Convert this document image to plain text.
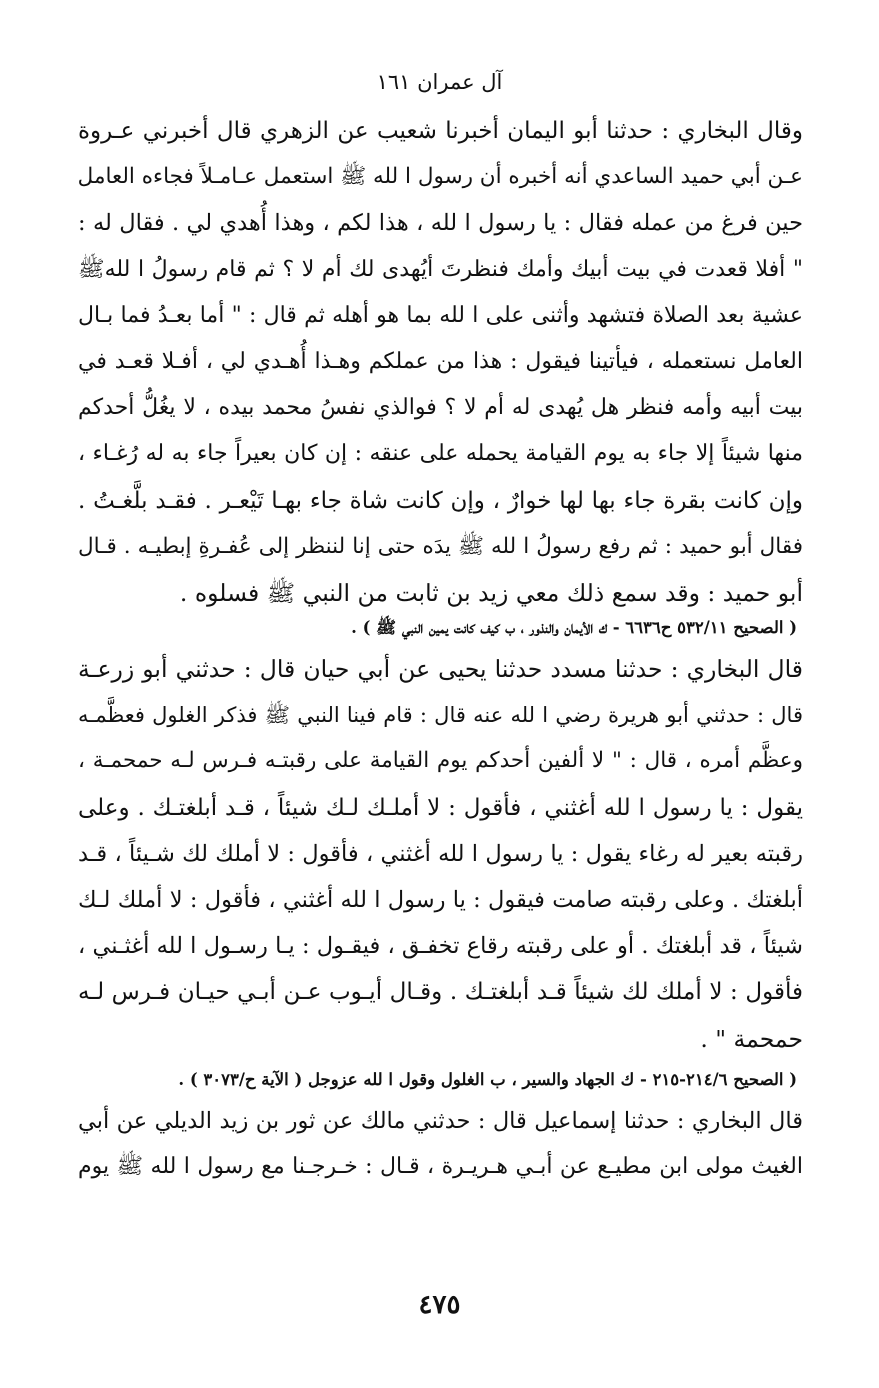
آل عمران ١٦١
وقال البخاري : حدثنا أبو اليمان أخبرنا شعيب عن الزهري قال أخبرني عـروة
عـن أبي حميد الساعدي أنه أخبره أن رسول ا لله ﷺ استعمل عـامـلاً فجاءه العامل
حين فرغ من عمله فقال : يا رسول ا لله ، هذا لكم ، وهذا أُهدي لي . فقال له :
" أفلا قعدت في بيت أبيك وأمك فنظرتَ أيُهدى لك أم لا ؟ ثم قام رسولُ ا للهﷺ
عشية بعد الصلاة فتشهد وأثنى على ا لله بما هو أهله ثم قال : " أما بعـدُ فما بـال
العامل نستعمله ، فيأتينا فيقول : هذا من عملكم وهـذا أُهـدي لي ، أفـلا قعـد في
بيت أبيه وأمه فنظر هل يُهدى له أم لا ؟ فوالذي نفسُ محمد بيده ، لا يغُلُّ أحدكم
منها شيئاً إلا جاء به يوم القيامة يحمله على عنقه : إن كان بعيراً جاء به له رُغـاء ،
وإن كانت بقرة جاء بها لها خوارٌ ، وإن كانت شاة جاء بهـا تَيْعـر . فقـد بلَّغـتُ .
فقال أبو حميد : ثم رفع رسولُ ا لله ﷺ يدَه حتى إنا لننظر إلى عُفـرةِ إبطيـه . قـال
أبو حميد : وقد سمع ذلك معي زيد بن ثابت من النبي ﷺ فسلوه .
( الصحيح ٥٣٢/١١ ح٦٦٣٦ - ك الأيمان والنذور ، ب كيف كانت يمين النبي ﷺ ) .
قال البخاري : حدثنا مسدد حدثنا يحيى عن أبي حيان قال : حدثني أبو زرعـة
قال : حدثني أبو هريرة رضي ا لله عنه قال : قام فينا النبي ﷺ فذكر الغلول فعظَّمـه
وعظَّم أمره ، قال : " لا ألفين أحدكم يوم القيامة على رقبتـه فـرس لـه حمحمـة ،
يقول : يا رسول ا لله أغثني ، فأقول : لا أملـك لـك شيئاً ، قـد أبلغتـك . وعلى
رقبته بعير له رغاء يقول : يا رسول ا لله أغثني ، فأقول : لا أملك لك شـيئاً ، قـد
أبلغتك . وعلى رقبته صامت فيقول : يا رسول ا لله أغثني ، فأقول : لا أملك لـك
شيئاً ، قد أبلغتك . أو على رقبته رقاع تخفـق ، فيقـول : يـا رسـول ا لله أغثـني ،
فأقول : لا أملك لك شيئاً قـد أبلغتـك . وقـال أيـوب عـن أبـي حيـان فـرس لـه
حمحمة " .
( الصحيح ٢١٤/٦-٢١٥ - ك الجهاد والسير ، ب الغلول وقول ا لله عزوجل ( الآية ح/٣٠٧٣ ) .
قال البخاري : حدثنا إسماعيل قال : حدثني مالك عن ثور بن زيد الديلي عن أبي
الغيث مولى ابن مطيـع عن أبـي هـريـرة ، قـال : خـرجـنا مع رسول ا لله ﷺ يوم
٤٧٥
